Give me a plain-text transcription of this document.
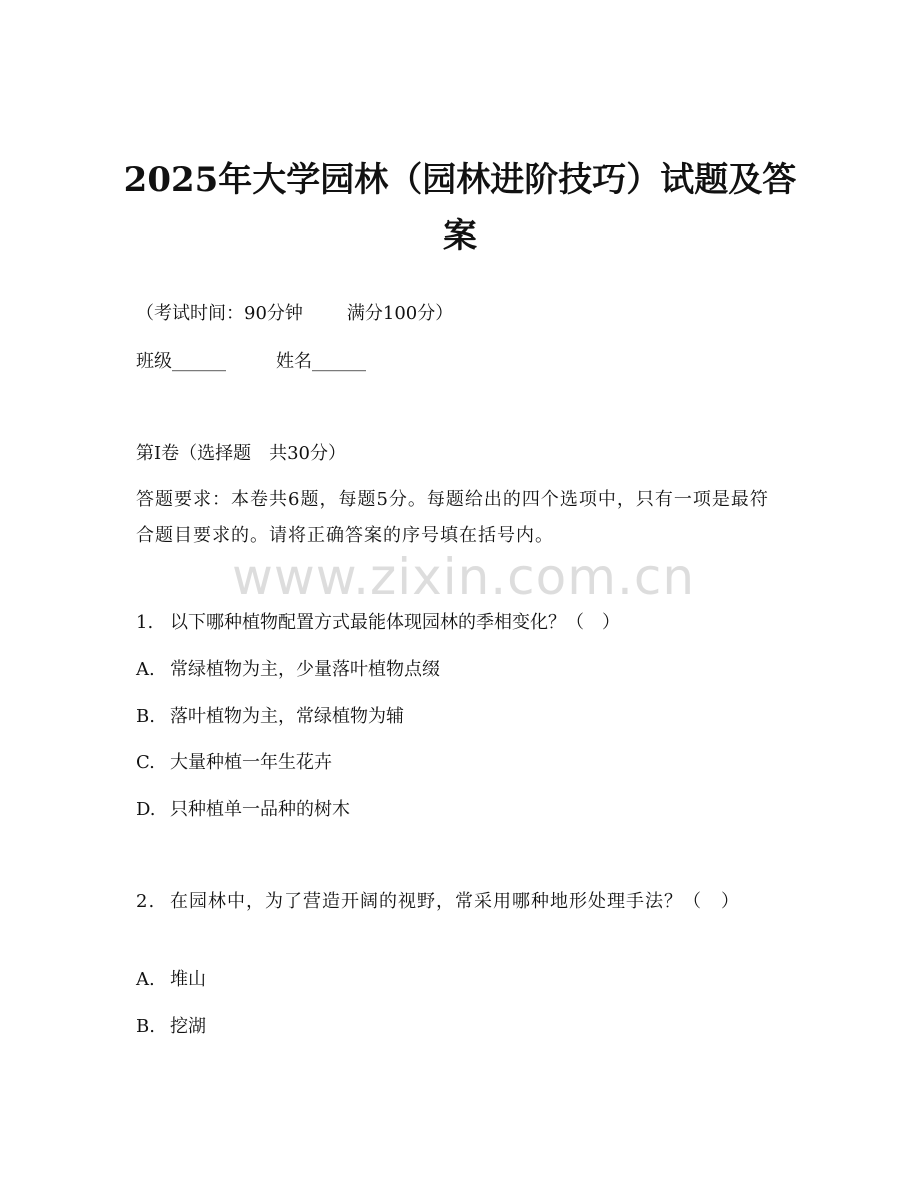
2025年大学园林（园林进阶技巧）试题及答案
（考试时间：90分钟 满分100分）
班级______	姓名______
第I卷（选择题　共30分）
答题要求：本卷共6题，每题5分。每题给出的四个选项中，只有一项是最符合题目要求的。请将正确答案的序号填在括号内。
1. 以下哪种植物配置方式最能体现园林的季相变化？（　）
A. 常绿植物为主，少量落叶植物点缀
B. 落叶植物为主，常绿植物为辅
C. 大量种植一年生花卉
D. 只种植单一品种的树木
2. 在园林中，为了营造开阔的视野，常采用哪种地形处理手法？（　）
A. 堆山
B. 挖湖
www.zixin.com.cn
